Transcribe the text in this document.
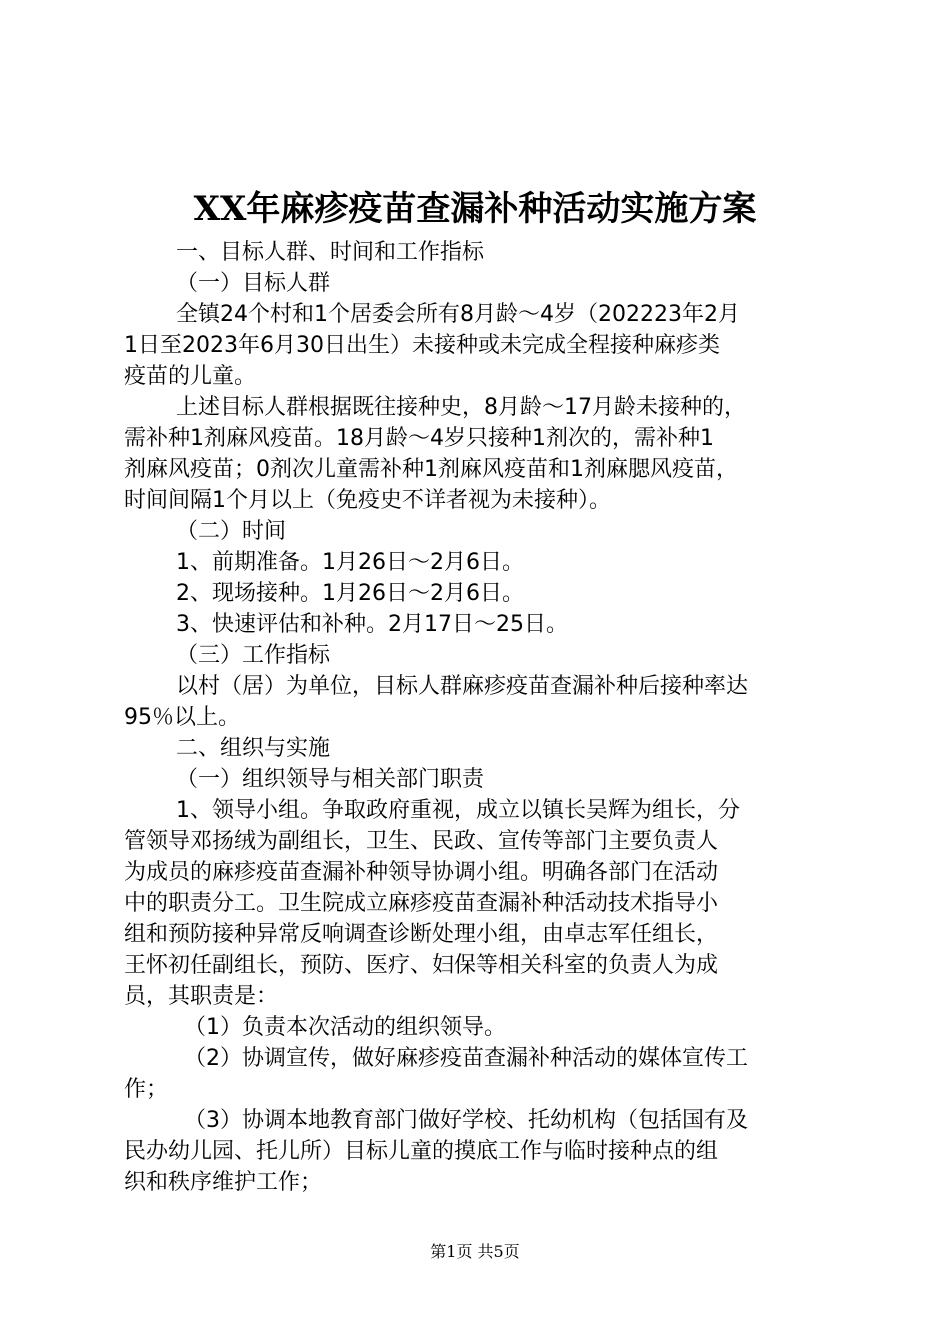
XX年麻疹疫苗查漏补种活动实施方案

一、目标人群、时间和工作指标

（一）目标人群

全镇24个村和1个居委会所有8月龄～4岁（202223年2月

1日至2023年6月30日出生）未接种或未完成全程接种麻疹类

疫苗的儿童。

上述目标人群根据既往接种史，8月龄～17月龄未接种的，

需补种1剂麻风疫苗。18月龄～4岁只接种1剂次的，需补种1

剂麻风疫苗；0剂次儿童需补种1剂麻风疫苗和1剂麻腮风疫苗，

时间间隔1个月以上（免疫史不详者视为未接种）。

（二）时间

1、前期准备。1月26日～2月6日。

2、现场接种。1月26日～2月6日。

3、快速评估和补种。2月17日～25日。

（三）工作指标

以村（居）为单位，目标人群麻疹疫苗查漏补种后接种率达

95％以上。

二、组织与实施

（一）组织领导与相关部门职责

1、领导小组。争取政府重视，成立以镇长吴辉为组长，分

管领导邓扬绒为副组长，卫生、民政、宣传等部门主要负责人

为成员的麻疹疫苗查漏补种领导协调小组。明确各部门在活动

中的职责分工。卫生院成立麻疹疫苗查漏补种活动技术指导小

组和预防接种异常反响调查诊断处理小组，由卓志军任组长，

王怀初任副组长，预防、医疗、妇保等相关科室的负责人为成

员，其职责是：

（1）负责本次活动的组织领导。

（2）协调宣传，做好麻疹疫苗查漏补种活动的媒体宣传工

作；

（3）协调本地教育部门做好学校、托幼机构（包括国有及

民办幼儿园、托儿所）目标儿童的摸底工作与临时接种点的组

织和秩序维护工作；

第1页 共5页
